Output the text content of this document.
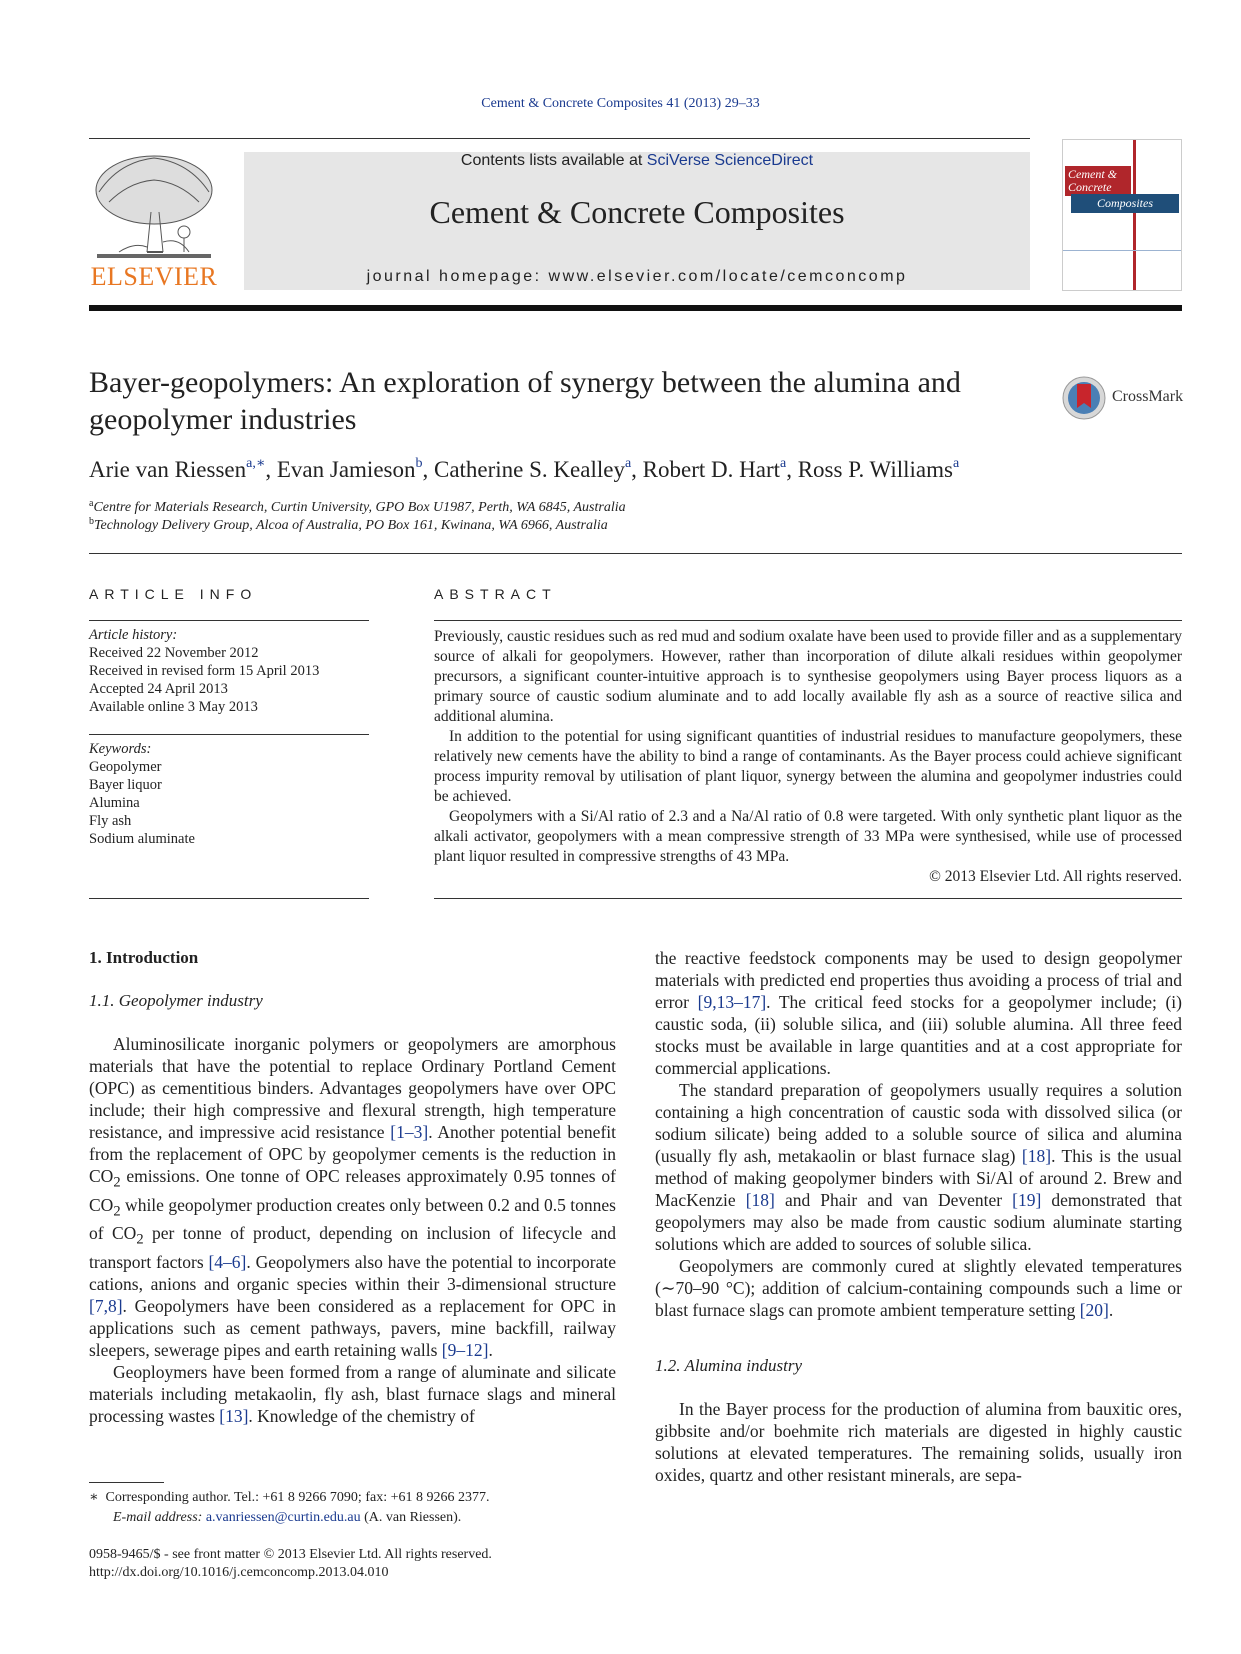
Cement & Concrete Composites 41 (2013) 29–33
ELSEVIER
Contents lists available at SciVerse ScienceDirect
Cement & Concrete Composites
journal homepage: www.elsevier.com/locate/cemconcomp
Cement &
Concrete
Composites
Bayer-geopolymers: An exploration of synergy between the alumina and
geopolymer industries
CrossMark
Arie van Riessen$^{a,∗}$, Evan Jamieson$^b$, Catherine S. Kealley$^a$, Robert D. Hart$^a$, Ross P. Williams$^a$
$^a$Centre for Materials Research, Curtin University, GPO Box U1987, Perth, WA 6845, Australia
$^b$Technology Delivery Group, Alcoa of Australia, PO Box 161, Kwinana, WA 6966, Australia
ARTICLE INFO
Article history:
Received 22 November 2012
Received in revised form 15 April 2013
Accepted 24 April 2013
Available online 3 May 2013
Keywords:
Geopolymer
Bayer liquor
Alumina
Fly ash
Sodium aluminate
ABSTRACT

Previously, caustic residues such as red mud and sodium oxalate have been used to provide filler and as a supplementary source of alkali for geopolymers. However, rather than incorporation of dilute alkali residues within geopolymer precursors, a significant counter-intuitive approach is to synthesise geopolymers using Bayer process liquors as a primary source of caustic sodium aluminate and to add locally available fly ash as a source of reactive silica and additional alumina.

In addition to the potential for using significant quantities of industrial residues to manufacture geopolymers, these relatively new cements have the ability to bind a range of contaminants. As the Bayer process could achieve significant process impurity removal by utilisation of plant liquor, synergy between the alumina and geopolymer industries could be achieved.

Geopolymers with a Si/Al ratio of 2.3 and a Na/Al ratio of 0.8 were targeted. With only synthetic plant liquor as the alkali activator, geopolymers with a mean compressive strength of 33 MPa were synthesised, while use of processed plant liquor resulted in compressive strengths of 43 MPa.

© 2013 Elsevier Ltd. All rights reserved.
1. Introduction
1.1. Geopolymer industry

Aluminosilicate inorganic polymers or geopolymers are amorphous materials that have the potential to replace Ordinary Portland Cement (OPC) as cementitious binders. Advantages geopolymers have over OPC include; their high compressive and flexural strength, high temperature resistance, and impressive acid resistance [1–3]. Another potential benefit from the replacement of OPC by geopolymer cements is the reduction in $CO_2$ emissions. One tonne of OPC releases approximately 0.95 tonnes of $CO_2$ while geopolymer production creates only between 0.2 and 0.5 tonnes of $CO_2$ per tonne of product, depending on inclusion of lifecycle and transport factors [4–6]. Geopolymers also have the potential to incorporate cations, anions and organic species within their 3-dimensional structure [7,8]. Geopolymers have been considered as a replacement for OPC in applications such as cement pathways, pavers, mine backfill, railway sleepers, sewerage pipes and earth retaining walls [9–12].

Geoploymers have been formed from a range of aluminate and silicate materials including metakaolin, fly ash, blast furnace slags and mineral processing wastes [13]. Knowledge of the chemistry of

∗ Corresponding author. Tel.: +61 8 9266 7090; fax: +61 8 9266 2377.
E-mail address: a.vanriessen@curtin.edu.au (A. van Riessen).
0958-9465/$ - see front matter © 2013 Elsevier Ltd. All rights reserved.
http://dx.doi.org/10.1016/j.cemconcomp.2013.04.010

the reactive feedstock components may be used to design geopolymer materials with predicted end properties thus avoiding a process of trial and error [9,13–17]. The critical feed stocks for a geopolymer include; (i) caustic soda, (ii) soluble silica, and (iii) soluble alumina. All three feed stocks must be available in large quantities and at a cost appropriate for commercial applications.

The standard preparation of geopolymers usually requires a solution containing a high concentration of caustic soda with dissolved silica (or sodium silicate) being added to a soluble source of silica and alumina (usually fly ash, metakaolin or blast furnace slag) [18]. This is the usual method of making geopolymer binders with Si/Al of around 2. Brew and MacKenzie [18] and Phair and van Deventer [19] demonstrated that geopolymers may also be made from caustic sodium aluminate starting solutions which are added to sources of soluble silica.

Geopolymers are commonly cured at slightly elevated temperatures (∼70–90 °C); addition of calcium-containing compounds such a lime or blast furnace slags can promote ambient temperature setting [20].

1.2. Alumina industry

In the Bayer process for the production of alumina from bauxitic ores, gibbsite and/or boehmite rich materials are digested in highly caustic solutions at elevated temperatures. The remaining solids, usually iron oxides, quartz and other resistant minerals, are sepa-
